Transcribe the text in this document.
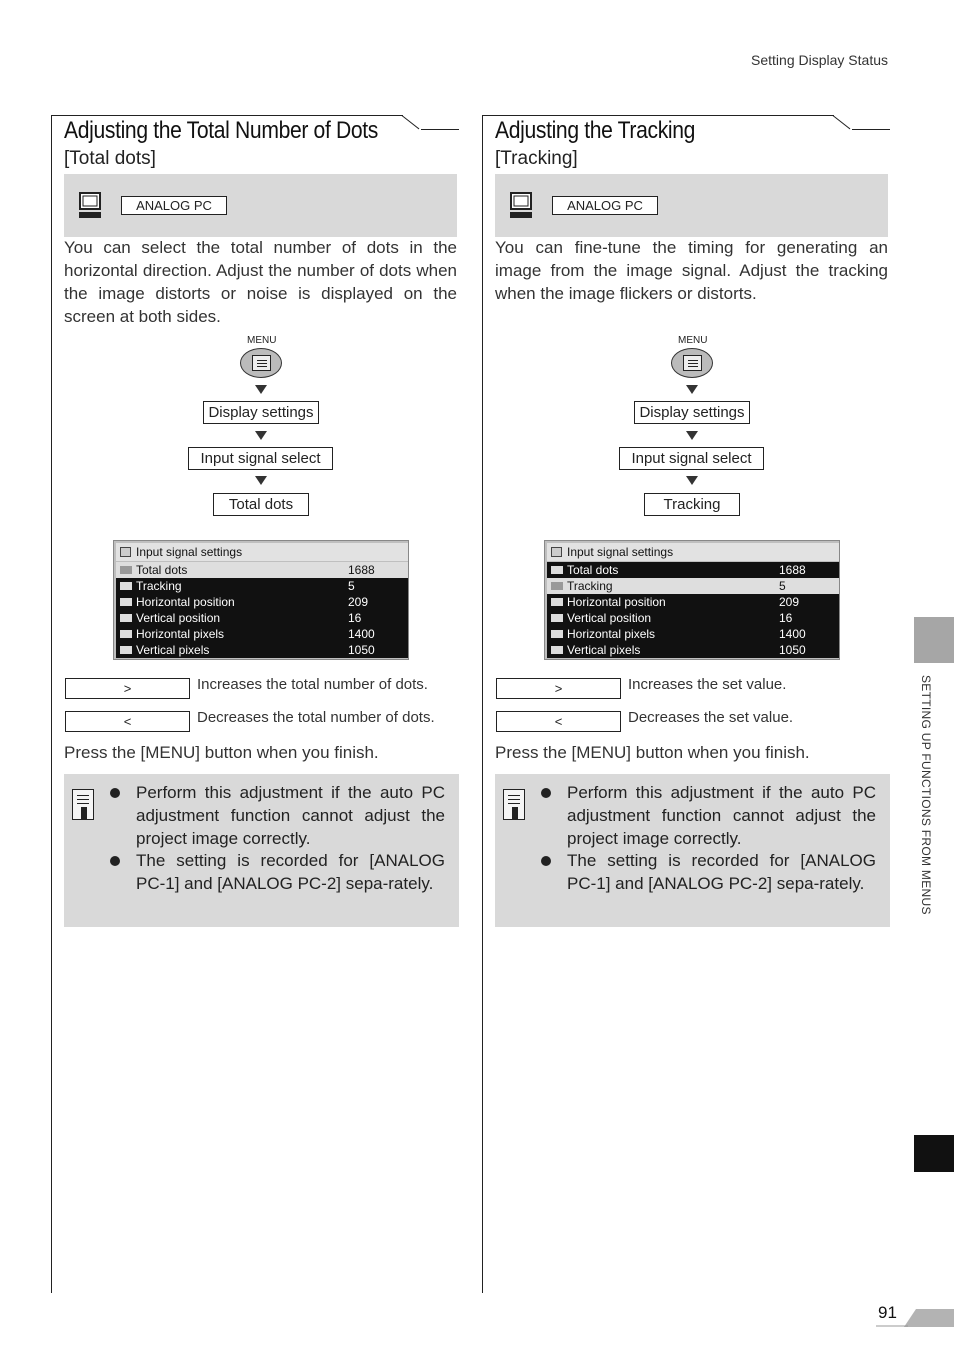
Setting Display Status
Adjusting the Total Number of Dots
[Total dots]
ANALOG PC
You can select the total number of dots in the horizontal direction. Adjust the number of dots when the image distorts or noise is displayed on the screen at both sides.
MENU
Display settings
Input signal select
Total dots
Input signal settings
Total dots	1688
Tracking	5
Horizontal position	209
Vertical position	16
Horizontal pixels	1400
Vertical pixels	1050
>	Increases the total number of dots.
<	Decreases the total number of dots.
Press the [MENU] button when you finish.
Perform this adjustment if the auto PC adjustment function cannot adjust the project image correctly.
The setting is recorded for [ANALOG PC-1] and [ANALOG PC-2] sepa-rately.
Adjusting the Tracking
[Tracking]
ANALOG PC
You can fine-tune the timing for generating an image from the image signal. Adjust the tracking when the image flickers or distorts.
MENU
Display settings
Input signal select
Tracking
Input signal settings
Total dots	1688
Tracking	5
Horizontal position	209
Vertical position	16
Horizontal pixels	1400
Vertical pixels	1050
>	Increases the set value.
<	Decreases the set value.
Press the [MENU] button when you finish.
Perform this adjustment if the auto PC adjustment function cannot adjust the project image correctly.
The setting is recorded for [ANALOG PC-1] and [ANALOG PC-2] sepa-rately.	SETTING UP FUNCTIONS FROM MENUS
91
